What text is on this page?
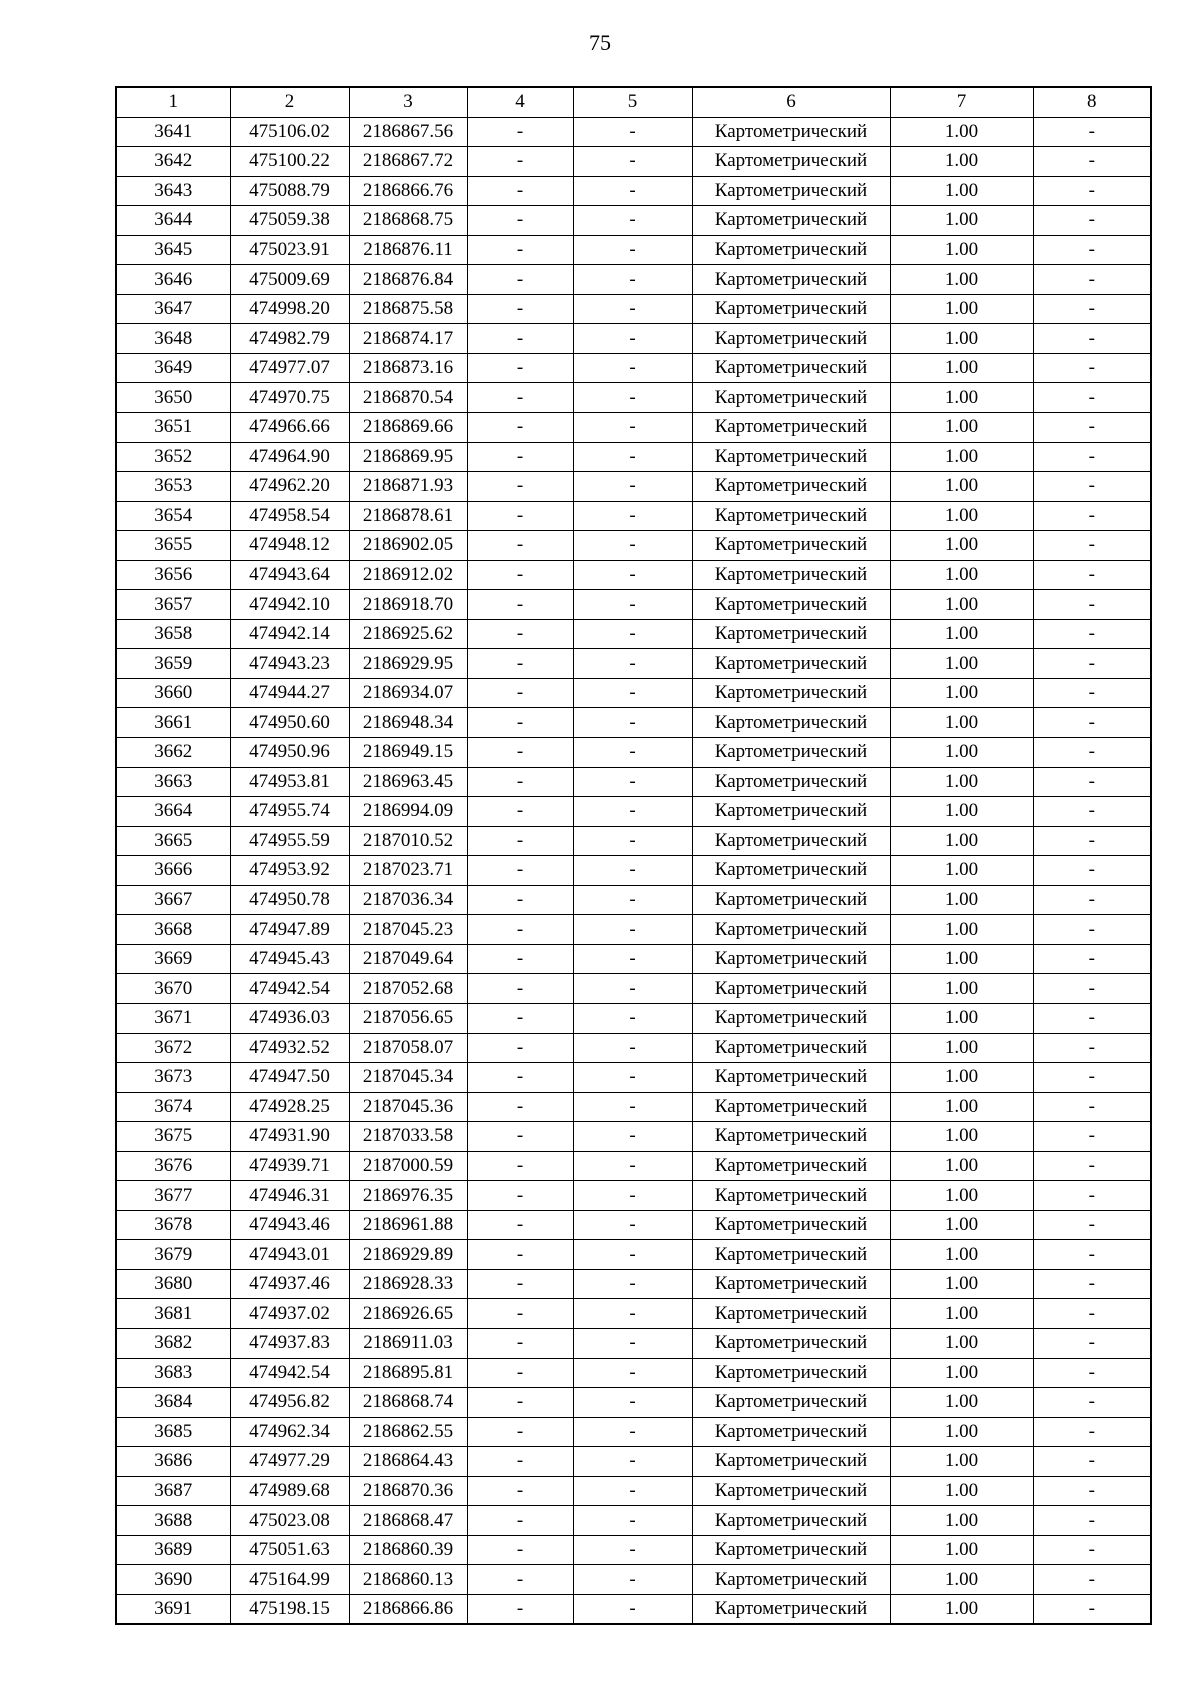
75
1	2	3	4	5	6	7	8
3641	475106.02	2186867.56	-	-	Картометрический	1.00	-
3642	475100.22	2186867.72	-	-	Картометрический	1.00	-
3643	475088.79	2186866.76	-	-	Картометрический	1.00	-
3644	475059.38	2186868.75	-	-	Картометрический	1.00	-
3645	475023.91	2186876.11	-	-	Картометрический	1.00	-
3646	475009.69	2186876.84	-	-	Картометрический	1.00	-
3647	474998.20	2186875.58	-	-	Картометрический	1.00	-
3648	474982.79	2186874.17	-	-	Картометрический	1.00	-
3649	474977.07	2186873.16	-	-	Картометрический	1.00	-
3650	474970.75	2186870.54	-	-	Картометрический	1.00	-
3651	474966.66	2186869.66	-	-	Картометрический	1.00	-
3652	474964.90	2186869.95	-	-	Картометрический	1.00	-
3653	474962.20	2186871.93	-	-	Картометрический	1.00	-
3654	474958.54	2186878.61	-	-	Картометрический	1.00	-
3655	474948.12	2186902.05	-	-	Картометрический	1.00	-
3656	474943.64	2186912.02	-	-	Картометрический	1.00	-
3657	474942.10	2186918.70	-	-	Картометрический	1.00	-
3658	474942.14	2186925.62	-	-	Картометрический	1.00	-
3659	474943.23	2186929.95	-	-	Картометрический	1.00	-
3660	474944.27	2186934.07	-	-	Картометрический	1.00	-
3661	474950.60	2186948.34	-	-	Картометрический	1.00	-
3662	474950.96	2186949.15	-	-	Картометрический	1.00	-
3663	474953.81	2186963.45	-	-	Картометрический	1.00	-
3664	474955.74	2186994.09	-	-	Картометрический	1.00	-
3665	474955.59	2187010.52	-	-	Картометрический	1.00	-
3666	474953.92	2187023.71	-	-	Картометрический	1.00	-
3667	474950.78	2187036.34	-	-	Картометрический	1.00	-
3668	474947.89	2187045.23	-	-	Картометрический	1.00	-
3669	474945.43	2187049.64	-	-	Картометрический	1.00	-
3670	474942.54	2187052.68	-	-	Картометрический	1.00	-
3671	474936.03	2187056.65	-	-	Картометрический	1.00	-
3672	474932.52	2187058.07	-	-	Картометрический	1.00	-
3673	474947.50	2187045.34	-	-	Картометрический	1.00	-
3674	474928.25	2187045.36	-	-	Картометрический	1.00	-
3675	474931.90	2187033.58	-	-	Картометрический	1.00	-
3676	474939.71	2187000.59	-	-	Картометрический	1.00	-
3677	474946.31	2186976.35	-	-	Картометрический	1.00	-
3678	474943.46	2186961.88	-	-	Картометрический	1.00	-
3679	474943.01	2186929.89	-	-	Картометрический	1.00	-
3680	474937.46	2186928.33	-	-	Картометрический	1.00	-
3681	474937.02	2186926.65	-	-	Картометрический	1.00	-
3682	474937.83	2186911.03	-	-	Картометрический	1.00	-
3683	474942.54	2186895.81	-	-	Картометрический	1.00	-
3684	474956.82	2186868.74	-	-	Картометрический	1.00	-
3685	474962.34	2186862.55	-	-	Картометрический	1.00	-
3686	474977.29	2186864.43	-	-	Картометрический	1.00	-
3687	474989.68	2186870.36	-	-	Картометрический	1.00	-
3688	475023.08	2186868.47	-	-	Картометрический	1.00	-
3689	475051.63	2186860.39	-	-	Картометрический	1.00	-
3690	475164.99	2186860.13	-	-	Картометрический	1.00	-
3691	475198.15	2186866.86	-	-	Картометрический	1.00	-
